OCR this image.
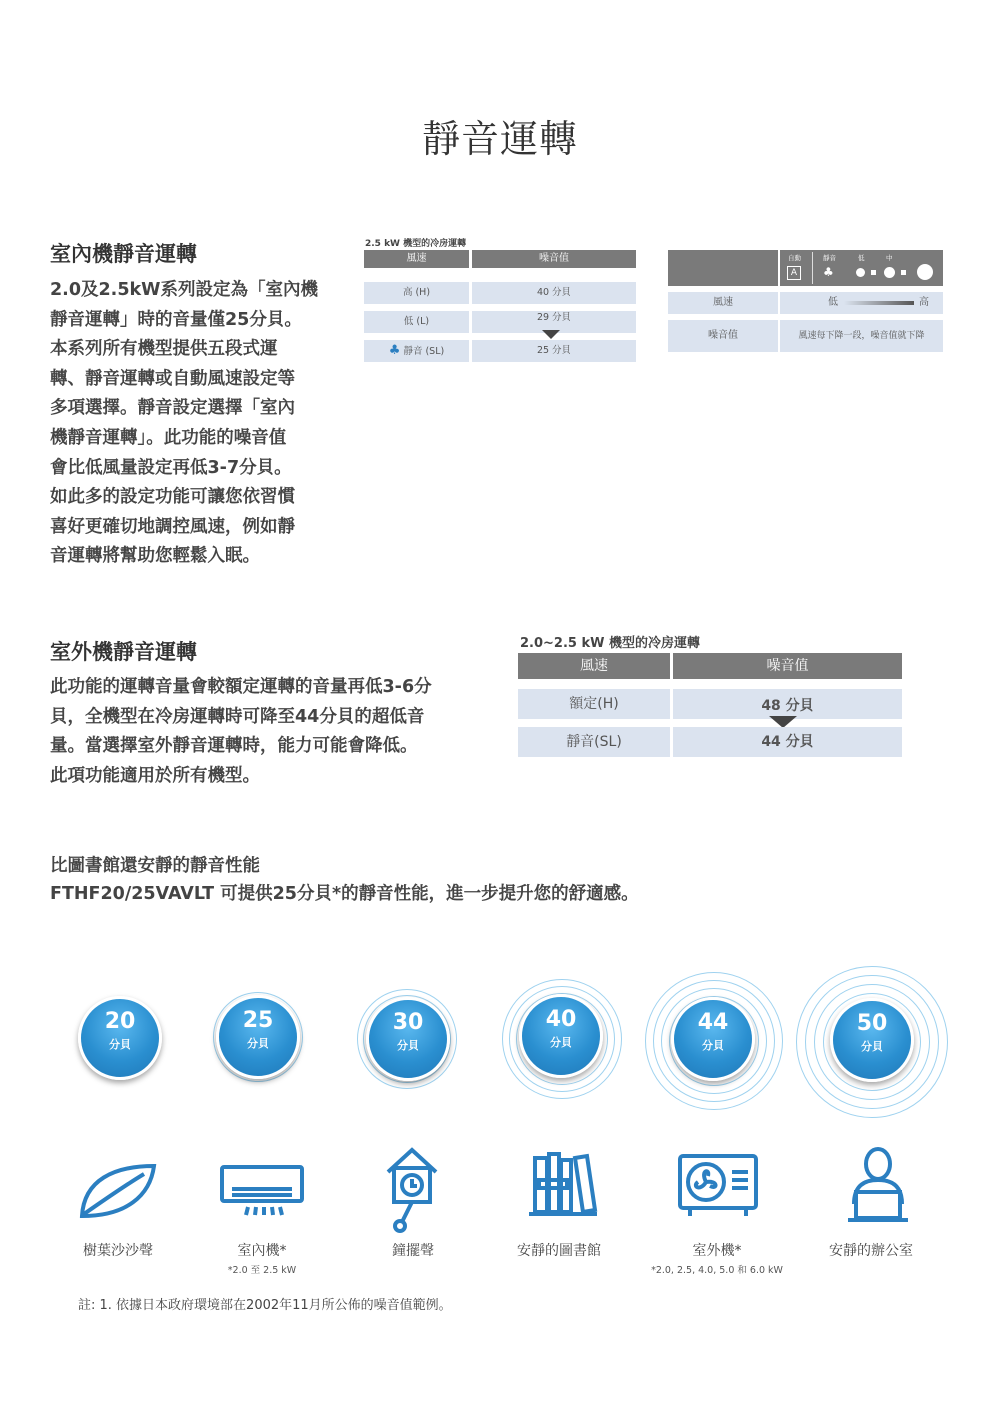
靜音運轉
室內機靜音運轉
2.0及2.5kW系列設定為「室內機
靜音運轉」時的音量僅25分貝。
本系列所有機型提供五段式運
轉、靜音運轉或自動風速設定等
多項選擇。靜音設定選擇「室內
機靜音運轉」。此功能的噪音值
會比低風量設定再低3-7分貝。
如此多的設定功能可讓您依習慣
喜好更確切地調控風速，例如靜
音運轉將幫助您輕鬆入眠。
2.5 kW 機型的冷房運轉
風速	噪音值
高 (H)	40 分貝
低 (L)	29 分貝
♣ 靜音 (SL)	25 分貝
自動	靜音	低	中
A	♣
風速	低	高
噪音值	風速每下降一段，噪音值就下降
室外機靜音運轉
此功能的運轉音量會較額定運轉的音量再低3-6分
貝，全機型在冷房運轉時可降至44分貝的超低音
量。當選擇室外靜音運轉時，能力可能會降低。
此項功能適用於所有機型。
2.0~2.5 kW 機型的冷房運轉
風速	噪音值
額定(H)	48 分貝
靜音(SL)	44 分貝
比圖書館還安靜的靜音性能
FTHF20/25VAVLT 可提供25分貝*的靜音性能，進一步提升您的舒適感。
20
分貝
25
分貝
30
分貝
40
分貝
44
分貝
50
分貝
樹葉沙沙聲	室內機*
*2.0 至 2.5 kW
鐘擺聲	安靜的圖書館	室外機*
*2.0, 2.5, 4.0, 5.0 和 6.0 kW
安靜的辦公室
註: 1. 依據日本政府環境部在2002年11月所公佈的噪音值範例。
